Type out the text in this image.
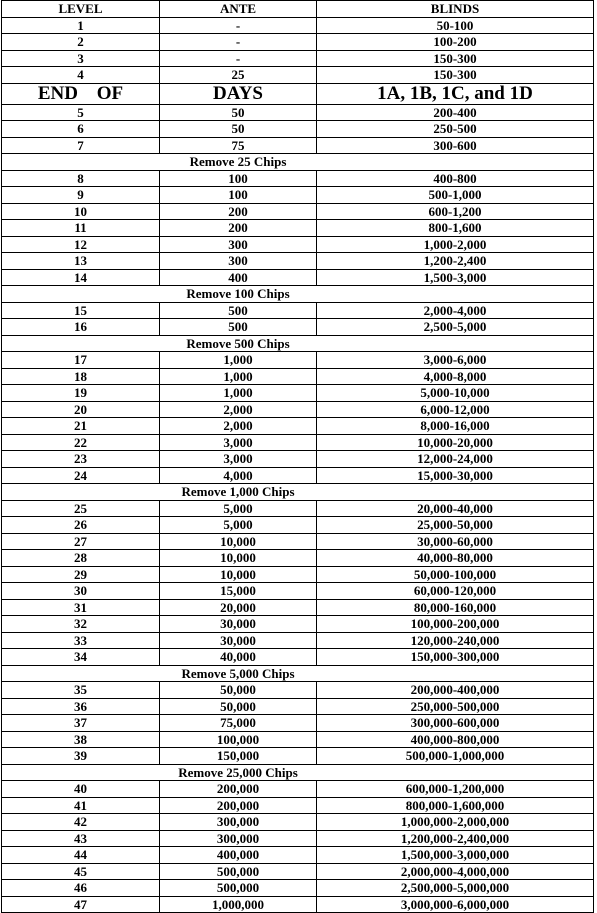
LEVEL	ANTE	BLINDS
1	-	50-100
2	-	100-200
3	-	150-300
4	25	150-300
END OF	DAYS	1A, 1B, 1C, and 1D
5	50	200-400
6	50	250-500
7	75	300-600
	Remove 25 Chips	
8	100	400-800
9	100	500-1,000
10	200	600-1,200
11	200	800-1,600
12	300	1,000-2,000
13	300	1,200-2,400
14	400	1,500-3,000
	Remove 100 Chips	
15	500	2,000-4,000
16	500	2,500-5,000
	Remove 500 Chips	
17	1,000	3,000-6,000
18	1,000	4,000-8,000
19	1,000	5,000-10,000
20	2,000	6,000-12,000
21	2,000	8,000-16,000
22	3,000	10,000-20,000
23	3,000	12,000-24,000
24	4,000	15,000-30,000
	Remove 1,000 Chips	
25	5,000	20,000-40,000
26	5,000	25,000-50,000
27	10,000	30,000-60,000
28	10,000	40,000-80,000
29	10,000	50,000-100,000
30	15,000	60,000-120,000
31	20,000	80,000-160,000
32	30,000	100,000-200,000
33	30,000	120,000-240,000
34	40,000	150,000-300,000
	Remove 5,000 Chips	
35	50,000	200,000-400,000
36	50,000	250,000-500,000
37	75,000	300,000-600,000
38	100,000	400,000-800,000
39	150,000	500,000-1,000,000
	Remove 25,000 Chips	
40	200,000	600,000-1,200,000
41	200,000	800,000-1,600,000
42	300,000	1,000,000-2,000,000
43	300,000	1,200,000-2,400,000
44	400,000	1,500,000-3,000,000
45	500,000	2,000,000-4,000,000
46	500,000	2,500,000-5,000,000
47	1,000,000	3,000,000-6,000,000
